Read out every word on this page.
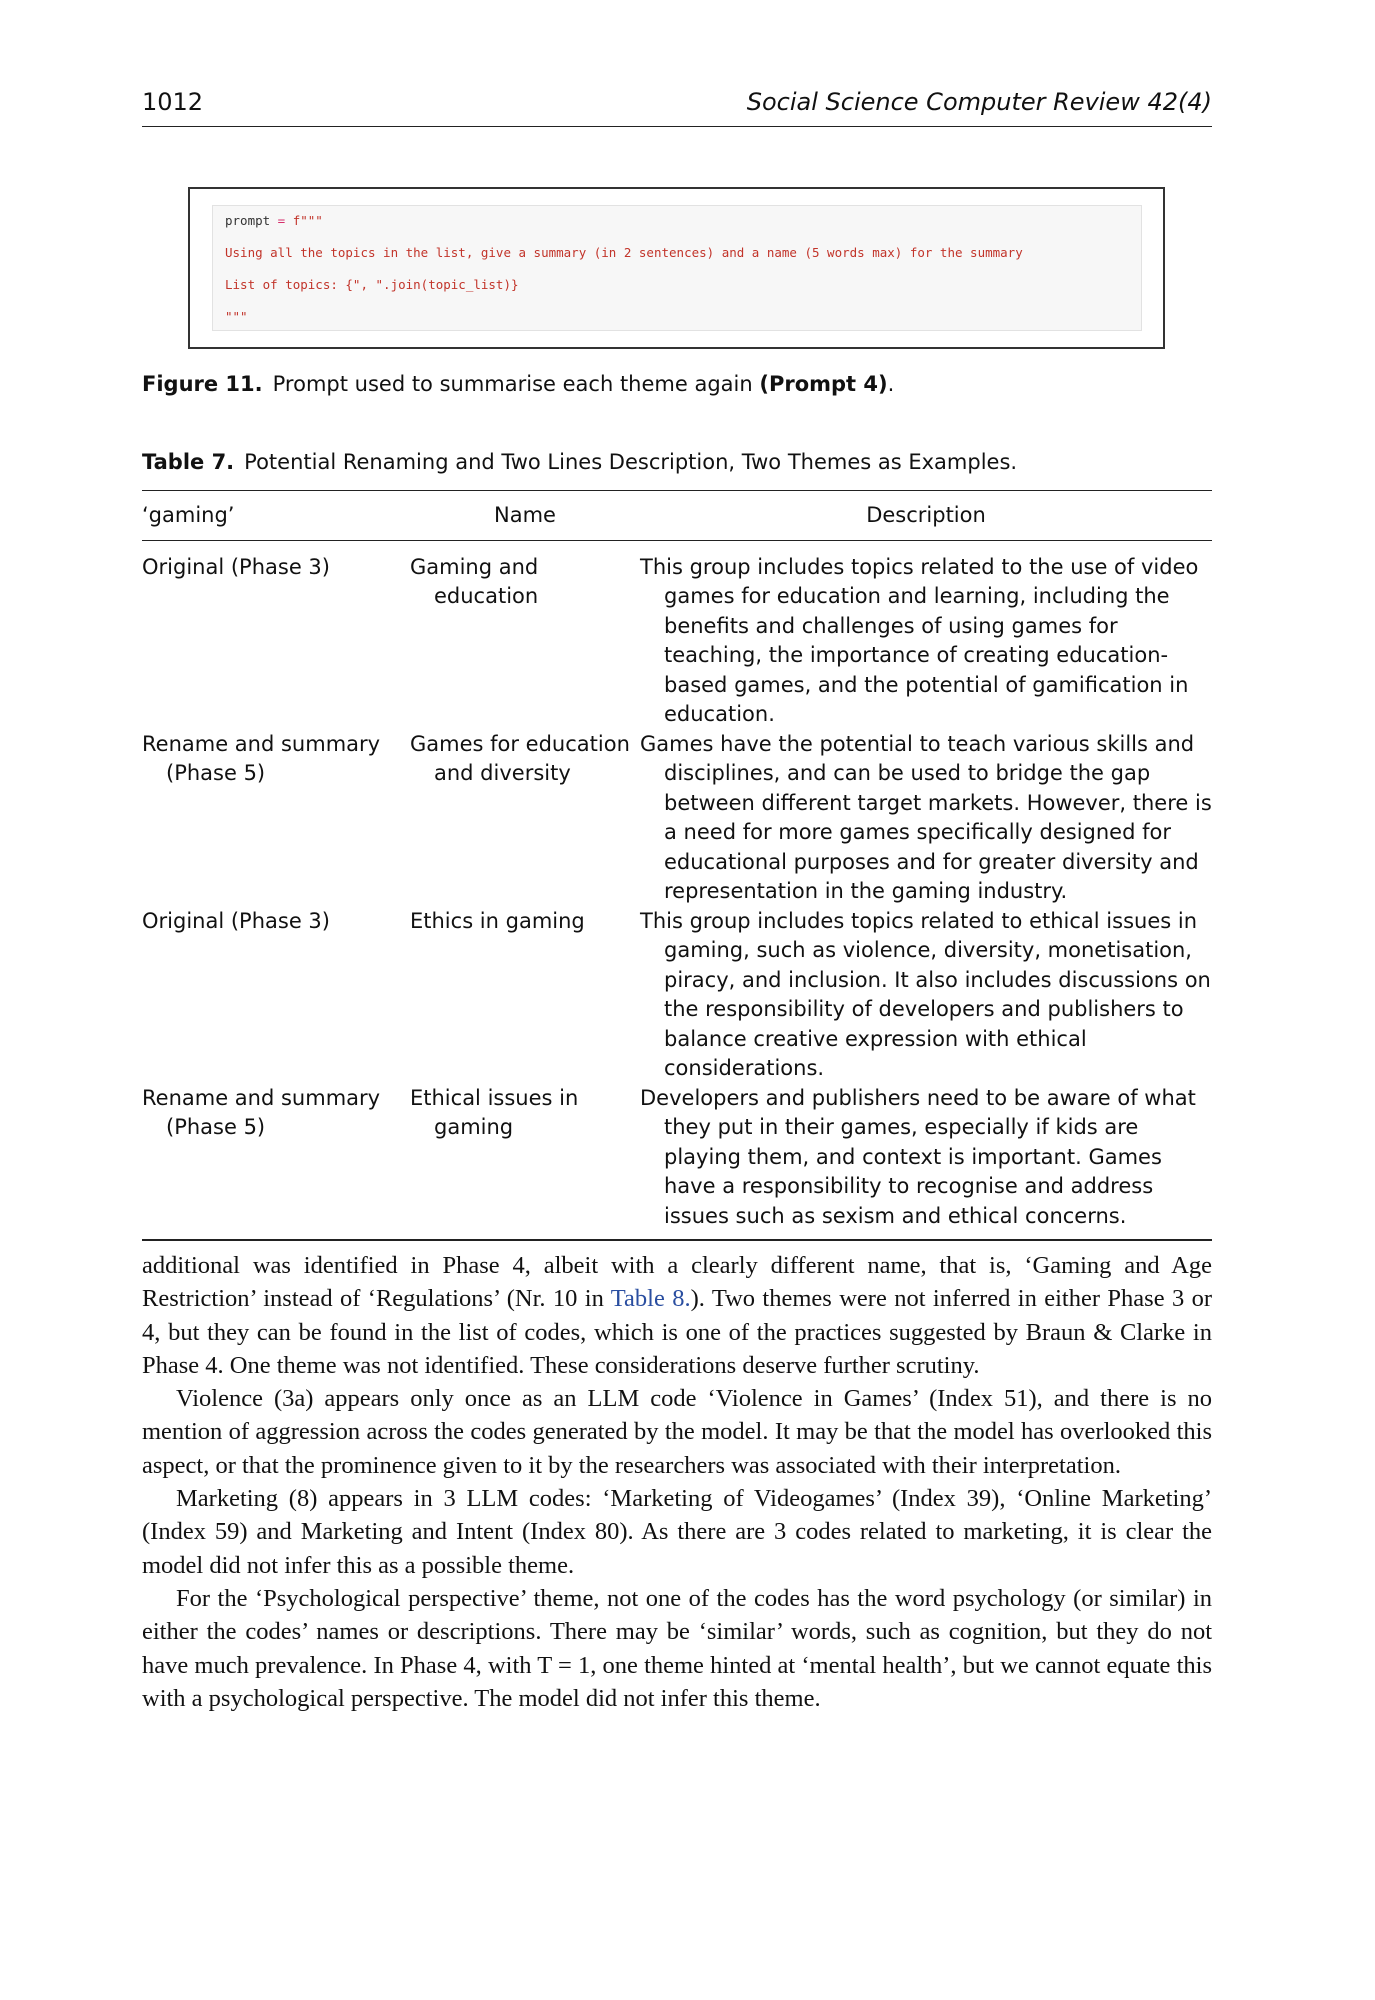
1012	Social Science Computer Review 42(4)
prompt = f"""
Using all the topics in the list, give a summary (in 2 sentences) and a name (5 words max) for the summary
List of topics: {", ".join(topic_list)}
"""
Figure 11. Prompt used to summarise each theme again (Prompt 4).
Table 7. Potential Renaming and Two Lines Description, Two Themes as Examples.
‘gaming’	Name	Description

Original (Phase 3)	Gaming and education	This group includes topics related to the use of video games for education and learning, including the benefits and challenges of using games for teaching, the importance of creating education-based games, and the potential of gamification in education.

Rename and summary (Phase 5)	Games for education and diversity	Games have the potential to teach various skills and disciplines, and can be used to bridge the gap between different target markets. However, there is a need for more games specifically designed for educational purposes and for greater diversity and representation in the gaming industry.

Original (Phase 3)	Ethics in gaming	This group includes topics related to ethical issues in gaming, such as violence, diversity, monetisation, piracy, and inclusion. It also includes discussions on the responsibility of developers and publishers to balance creative expression with ethical considerations.

Rename and summary (Phase 5)	Ethical issues in gaming	Developers and publishers need to be aware of what they put in their games, especially if kids are playing them, and context is important. Games have a responsibility to recognise and address issues such as sexism and ethical concerns.

additional was identified in Phase 4, albeit with a clearly different name, that is, ‘Gaming and Age Restriction’ instead of ‘Regulations’ (Nr. 10 in Table 8.). Two themes were not inferred in either Phase 3 or 4, but they can be found in the list of codes, which is one of the practices suggested by Braun & Clarke in Phase 4. One theme was not identified. These considerations deserve further scrutiny.

Violence (3a) appears only once as an LLM code ‘Violence in Games’ (Index 51), and there is no mention of aggression across the codes generated by the model. It may be that the model has overlooked this aspect, or that the prominence given to it by the researchers was associated with their interpretation.

Marketing (8) appears in 3 LLM codes: ‘Marketing of Videogames’ (Index 39), ‘Online Marketing’ (Index 59) and Marketing and Intent (Index 80). As there are 3 codes related to marketing, it is clear the model did not infer this as a possible theme.

For the ‘Psychological perspective’ theme, not one of the codes has the word psychology (or similar) in either the codes’ names or descriptions. There may be ‘similar’ words, such as cognition, but they do not have much prevalence. In Phase 4, with T = 1, one theme hinted at ‘mental health’, but we cannot equate this with a psychological perspective. The model did not infer this theme.
